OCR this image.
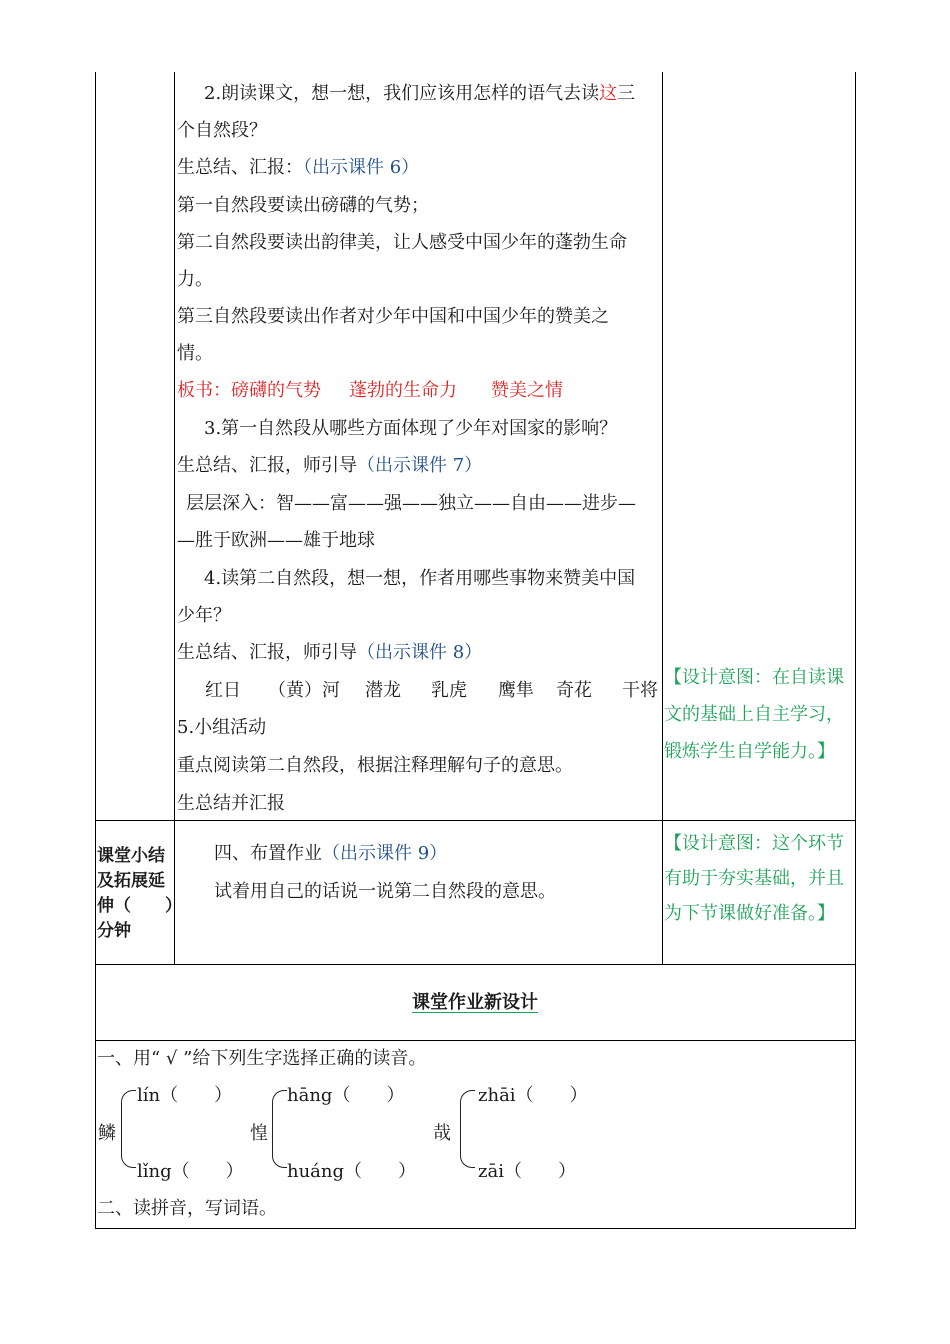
2.朗读课文，想一想，我们应该用怎样的语气去读这三
个自然段？
生总结、汇报：（出示课件 6）
第一自然段要读出磅礴的气势；
第二自然段要读出韵律美，让人感受中国少年的蓬勃生命
力。
第三自然段要读出作者对少年中国和中国少年的赞美之
情。
板书：磅礴的气势 蓬勃的生命力 赞美之情
3.第一自然段从哪些方面体现了少年对国家的影响？
生总结、汇报，师引导（出示课件 7）
层层深入：智——富——强——独立——自由——进步—
—胜于欧洲——雄于地球
4.读第二自然段，想一想，作者用哪些事物来赞美中国
少年？
生总结、汇报，师引导（出示课件 8）
红日 （黄）河 潜龙 乳虎 鹰隼 奇花 干将
5.小组活动
重点阅读第二自然段，根据注释理解句子的意思。
生总结并汇报
【设计意图：在自读课
文的基础上自主学习，
锻炼学生自学能力。】
课堂小结
及拓展延
伸（　　）
分钟
四、布置作业（出示课件 9）
试着用自己的话说一说第二自然段的意思。
【设计意图：这个环节
有助于夯实基础，并且
为下节课做好准备。】
课堂作业新设计
一、用“ √ ”给下列生字选择正确的读音。
鳞
lín（　　）
lǐng（　　）
惶
hāng（　　）
huáng（　　）
哉
zhāi（　　）
zāi（　　）
二、读拼音，写词语。
